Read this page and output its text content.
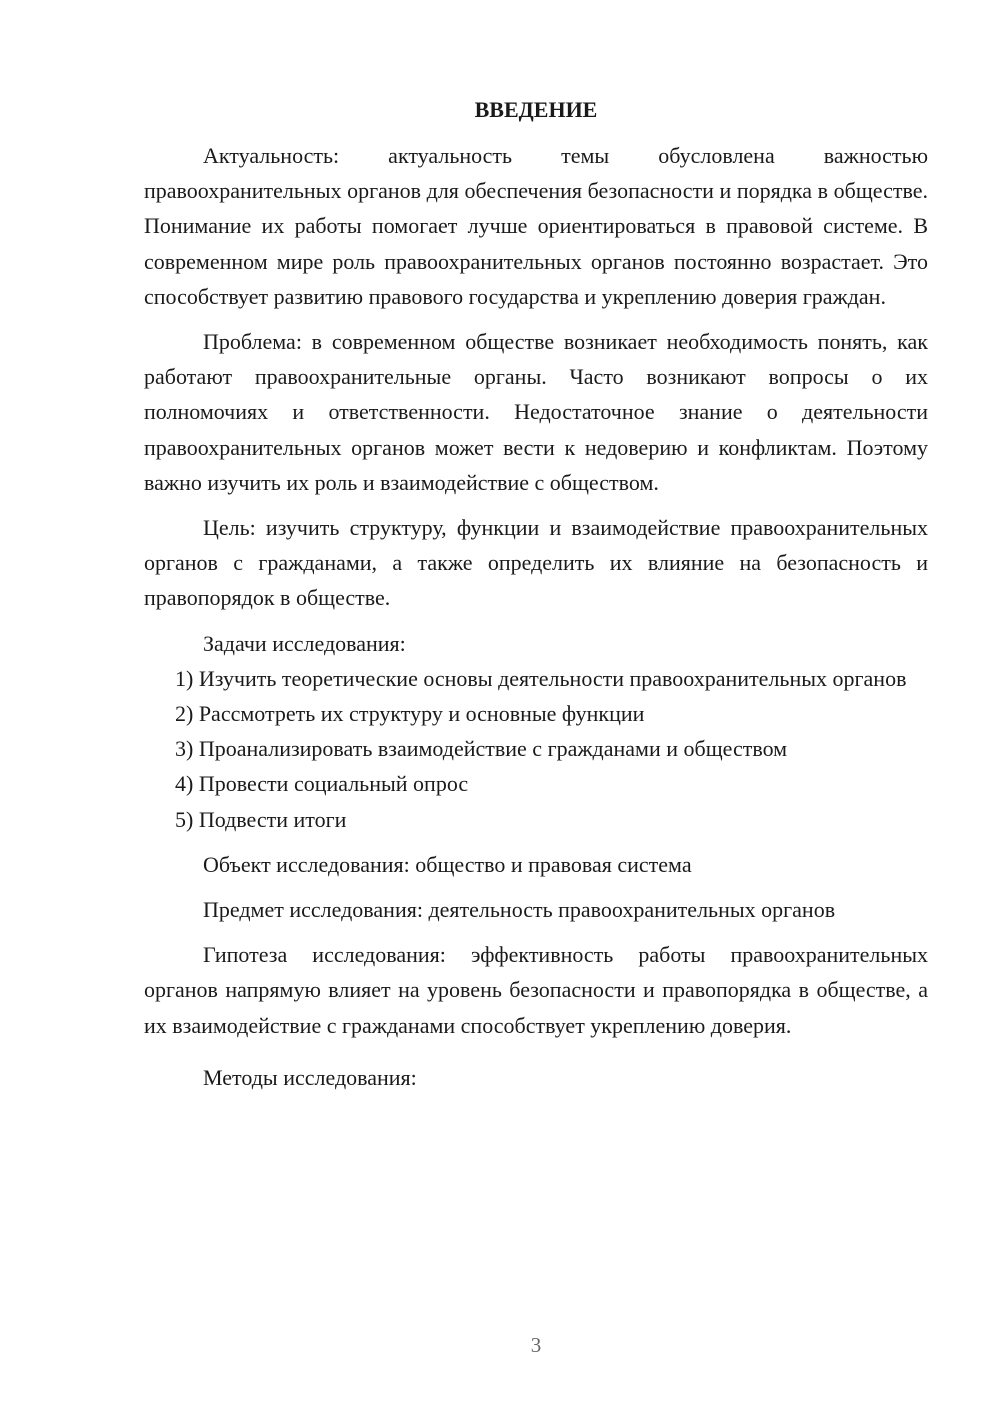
ВВЕДЕНИЕ

Актуальность: актуальность темы обусловлена важностью правоохранительных органов для обеспечения безопасности и порядка в обществе. Понимание их работы помогает лучше ориентироваться в правовой системе. В современном мире роль правоохранительных органов постоянно возрастает. Это способствует развитию правового государства и укреплению доверия граждан.

Проблема: в современном обществе возникает необходимость понять, как работают правоохранительные органы. Часто возникают вопросы о их полномочиях и ответственности. Недостаточное знание о деятельности правоохранительных органов может вести к недоверию и конфликтам. Поэтому важно изучить их роль и взаимодействие с обществом.

Цель: изучить структуру, функции и взаимодействие правоохранительных органов с гражданами, а также определить их влияние на безопасность и правопорядок в обществе.

Задачи исследования:

1) Изучить теоретические основы деятельности правоохранительных органов

2) Рассмотреть их структуру и основные функции

3) Проанализировать взаимодействие с гражданами и обществом

4) Провести социальный опрос

5) Подвести итоги

Объект исследования: общество и правовая система

Предмет исследования: деятельность правоохранительных органов

Гипотеза исследования: эффективность работы правоохранительных органов напрямую влияет на уровень безопасности и правопорядка в обществе, а их взаимодействие с гражданами способствует укреплению доверия.

Методы исследования:

3
